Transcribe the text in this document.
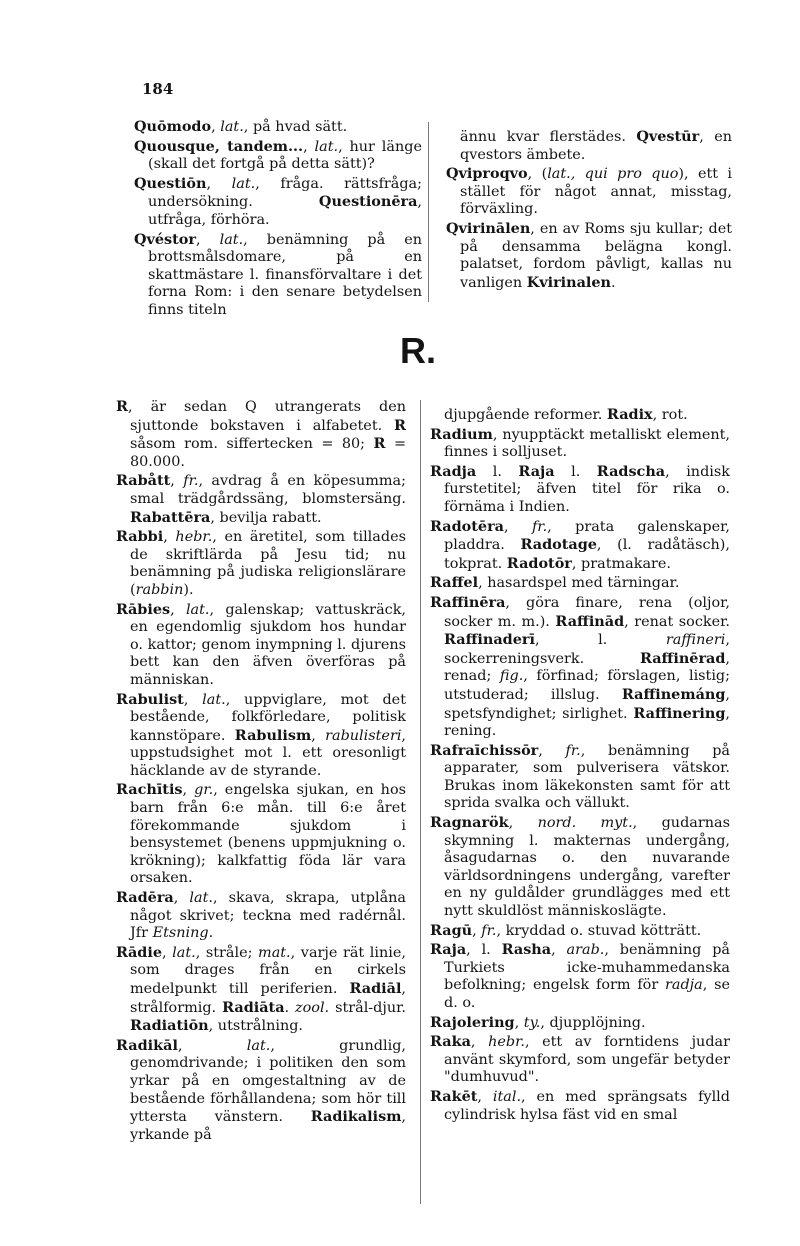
184

Quōmodo, lat., på hvad sätt.

Quousque, tandem..., lat., hur länge (skall det fortgå på detta sätt)?

Questiōn, lat., fråga. rättsfråga; undersökning. Questionēra, utfråga, förhöra.

Qvéstor, lat., benämning på en brottsmålsdomare, på en skattmästare l. finansförvaltare i det forna Rom: i den senare betydelsen finns titeln

ännu kvar flerstädes. Qvestūr, en qvestors ämbete.

Qviproqvo, (lat., qui pro quo), ett i stället för något annat, misstag, förväxling.

Qvirinālen, en av Roms sju kullar; det på densamma belägna kongl. palatset, fordom påvligt, kallas nu vanligen Kvirinalen.

R.

R, är sedan Q utrangerats den sjuttonde bokstaven i alfabetet. R såsom rom. siffertecken = 80; R = 80.000.

Rabått, fr., avdrag å en köpesumma; smal trädgårdssäng, blomstersäng. Rabattēra, bevilja rabatt.

Rabbi, hebr., en äretitel, som tillades de skriftlärda på Jesu tid; nu benämning på judiska religionslärare (rabbin).

Rābies, lat., galenskap; vattuskräck, en egendomlig sjukdom hos hundar o. kattor; genom inympning l. djurens bett kan den äfven överföras på människan.

Rabulist, lat., uppviglare, mot det bestående, folkförledare, politisk kannstöpare. Rabulism, rabulisteri, uppstudsighet mot l. ett oresonligt häcklande av de styrande.

Rachītis, gr., engelska sjukan, en hos barn från 6:e mån. till 6:e året förekommande sjukdom i bensystemet (benens uppmjukning o. krökning); kalkfattig föda lär vara orsaken.

Radēra, lat., skava, skrapa, utplåna något skrivet; teckna med radérnål. Jfr Etsning.

Rādie, lat., stråle; mat., varje rät linie, som drages från en cirkels medelpunkt till periferien. Radiāl, strålformig. Radiāta. zool. strål-djur. Radiatiōn, utstrålning.

Radikāl, lat., grundlig, genomdrivande; i politiken den som yrkar på en omgestaltning av de bestående förhållandena; som hör till yttersta vänstern. Radikalism, yrkande på

djupgående reformer. Radix, rot.

Radium, nyupptäckt metalliskt element, finnes i solljuset.

Radja l. Raja l. Radscha, indisk furstetitel; äfven titel för rika o. förnäma i Indien.

Radotēra, fr., prata galenskaper, pladdra. Radotage, (l. radåtäsch), tokprat. Radotōr, pratmakare.

Raffel, hasardspel med tärningar.

Raffinēra, göra finare, rena (oljor, socker m. m.). Raffinād, renat socker. Raffinaderī, l. raffineri, sockerreningsverk. Raffinērad, renad; fig., förfinad; förslagen, listig; utstuderad; illslug. Raffinemáng, spetsfyndighet; sirlighet. Raffinering, rening.

Rafraīchissōr, fr., benämning på apparater, som pulverisera vätskor. Brukas inom läkekonsten samt för att sprida svalka och vällukt.

Ragnarök, nord. myt., gudarnas skymning l. makternas undergång, åsagudarnas o. den nuvarande världsordningens undergång, varefter en ny guldålder grundlägges med ett nytt skuldlöst människoslägte.

Ragū, fr., kryddad o. stuvad kötträtt.

Raja, l. Rasha, arab., benämning på Turkiets icke-muhammedanska befolkning; engelsk form för radja, se d. o.

Rajolering, ty., djupplöjning.

Raka, hebr., ett av forntidens judar använt skymford, som ungefär betyder "dumhuvud".

Rakēt, ital., en med sprängsats fylld cylindrisk hylsa fäst vid en smal
